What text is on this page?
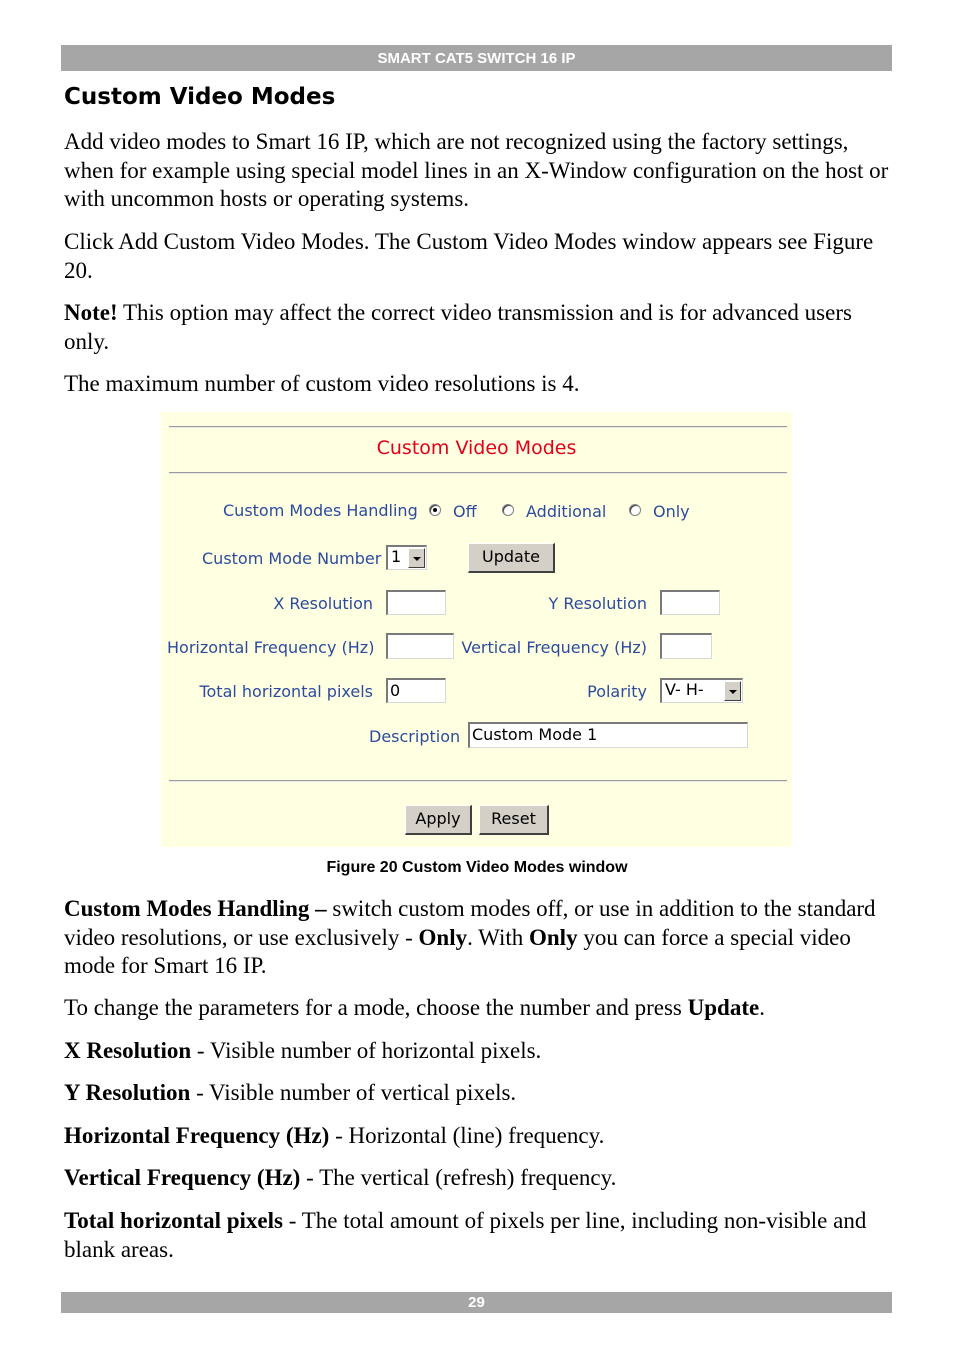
SMART CAT5 SWITCH 16 IP
Custom Video Modes

Add video modes to Smart 16 IP, which are not recognized using the factory settings, when for example using special model lines in an X-Window configuration on the host or with uncommon hosts or operating systems.

Click Add Custom Video Modes. The Custom Video Modes window appears see Figure 20.

Note! This option may affect the correct video transmission and is for advanced users only.

The maximum number of custom video resolutions is 4.

Custom Video Modes
Custom Modes Handling Off	Additional	Only
Custom Mode Number 1	Update
X Resolution	Y Resolution
Horizontal Frequency (Hz)	Vertical Frequency (Hz)
Total horizontal pixels 0	Polarity	V- H-
Description Custom Mode 1
Apply	Reset
Figure 20 Custom Video Modes window

Custom Modes Handling – switch custom modes off, or use in addition to the standard video resolutions, or use exclusively - Only. With Only you can force a special video mode for Smart 16 IP.

To change the parameters for a mode, choose the number and press Update.

X Resolution - Visible number of horizontal pixels.

Y Resolution - Visible number of vertical pixels.

Horizontal Frequency (Hz) - Horizontal (line) frequency.

Vertical Frequency (Hz) - The vertical (refresh) frequency.

Total horizontal pixels - The total amount of pixels per line, including non-visible and blank areas.

29
